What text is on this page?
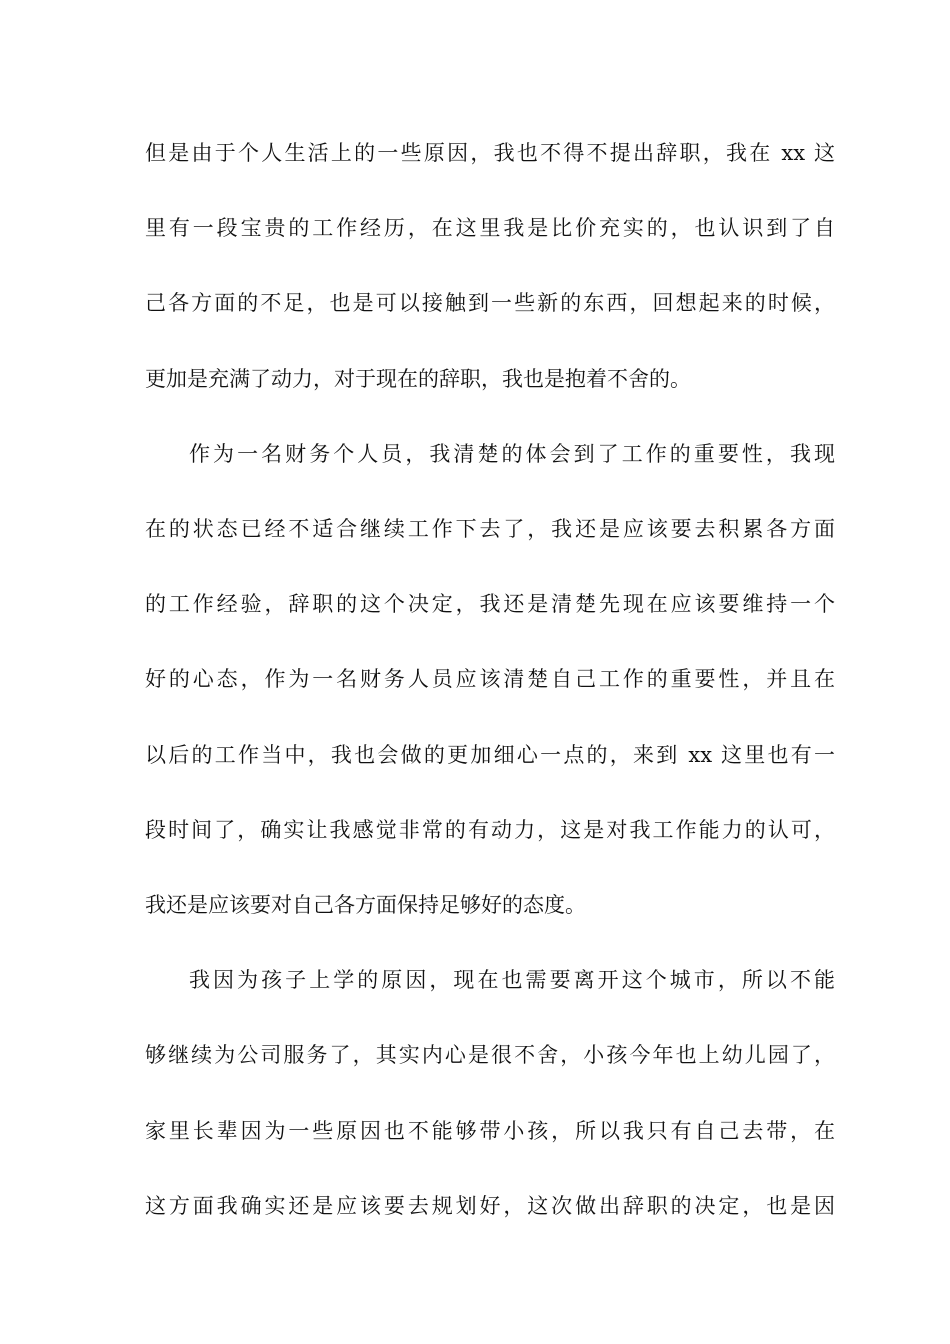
但是由于个人生活上的一些原因，我也不得不提出辞职，我在 xx 这
里有一段宝贵的工作经历，在这里我是比价充实的，也认识到了自
己各方面的不足，也是可以接触到一些新的东西，回想起来的时候，
更加是充满了动力，对于现在的辞职，我也是抱着不舍的。
作为一名财务个人员，我清楚的体会到了工作的重要性，我现
在的状态已经不适合继续工作下去了，我还是应该要去积累各方面
的工作经验，辞职的这个决定，我还是清楚先现在应该要维持一个
好的心态，作为一名财务人员应该清楚自己工作的重要性，并且在
以后的工作当中，我也会做的更加细心一点的，来到 xx 这里也有一
段时间了，确实让我感觉非常的有动力，这是对我工作能力的认可，
我还是应该要对自己各方面保持足够好的态度。
我因为孩子上学的原因，现在也需要离开这个城市，所以不能
够继续为公司服务了，其实内心是很不舍，小孩今年也上幼儿园了，
家里长辈因为一些原因也不能够带小孩，所以我只有自己去带，在
这方面我确实还是应该要去规划好，这次做出辞职的决定，也是因
